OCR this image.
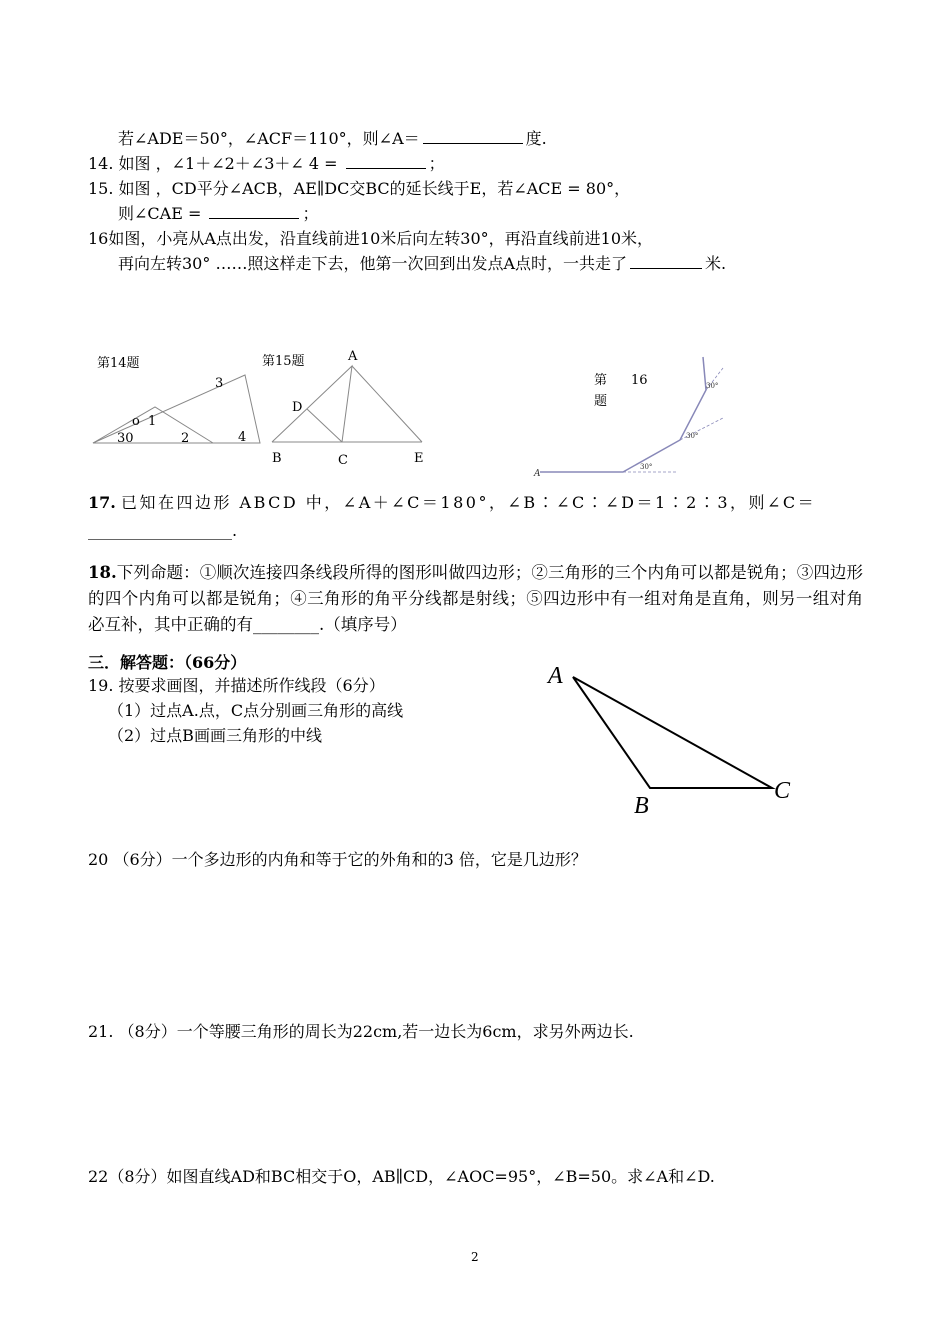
若∠ADE＝50°，∠ACF＝110°，则∠A＝	度.
14. 如图 ，∠1＋∠2＋∠3＋∠ 4 =	；
15. 如图 ，CD平分∠ACB，AE∥DC交BC的延长线于E，若∠ACE = 80°，
则∠CAE =	；
16如图，小亮从A点出发，沿直线前进10米后向左转30°，再沿直线前进10米，
再向左转30° ……照这样走下去，他第一次回到出发点A点时，一共走了	米.
第14题
3
o 1
30	2	4
第15题	A
D
B	C	E
第 16
题
A
30°
30°
30°
17. 已知在四边形 ABCD 中，∠A＋∠C＝180°，∠B∶∠C∶∠D＝1∶2∶3，则∠C＝
__________________.
18.下列命题：①顺次连接四条线段所得的图形叫做四边形；②三角形的三个内角可以都是锐角；③四边形的四个内角可以都是锐角；④三角形的角平分线都是射线；⑤四边形中有一组对角是直角，则另一组对角必互补，其中正确的有________.（填序号）
三．解答题：（66分）
19. 按要求画图，并描述所作线段（6分）
（1）过点A.点，C点分别画三角形的高线
（2）过点B画画三角形的中线
A
B
C
20 （6分）一个多边形的内角和等于它的外角和的3 倍，它是几边形？
21. （8分）一个等腰三角形的周长为22cm,若一边长为6cm，求另外两边长.
22（8分）如图直线AD和BC相交于O，AB∥CD，∠AOC=95°，∠B=50。求∠A和∠D.
2
